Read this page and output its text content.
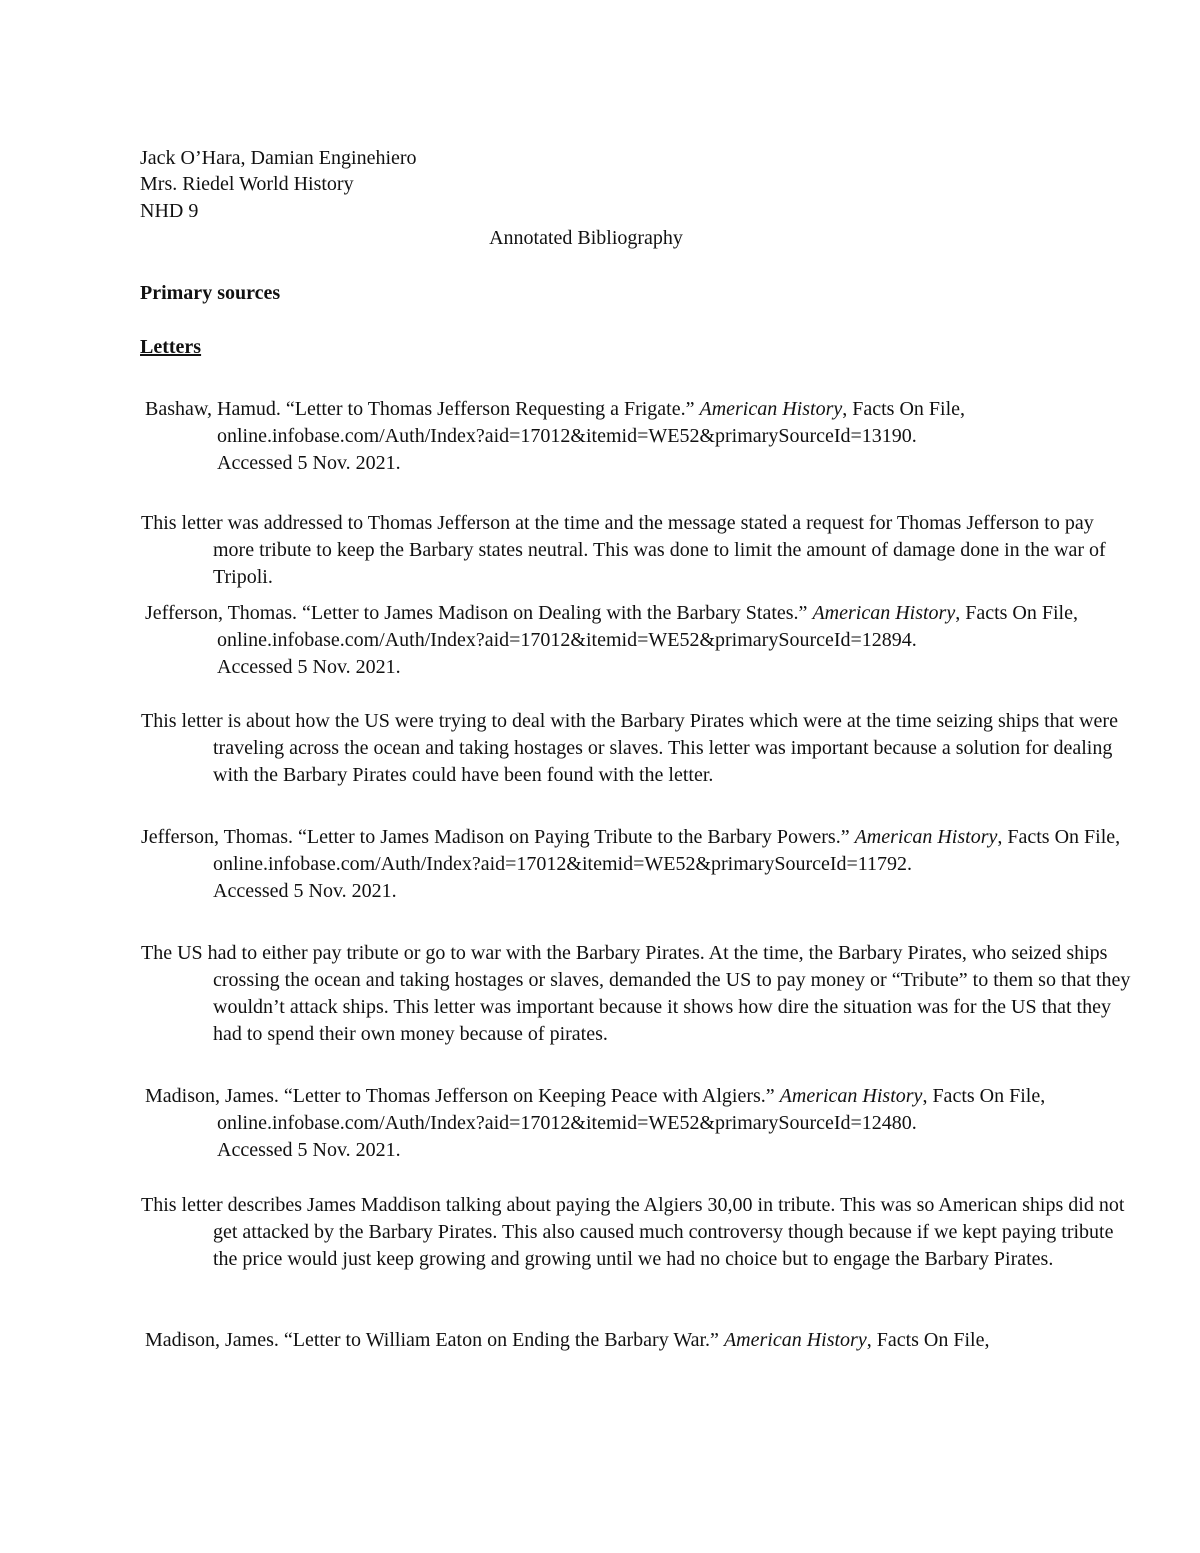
Jack O’Hara, Damian Enginehiero
Mrs. Riedel World History
NHD 9
Annotated Bibliography
Primary sources
Letters
Bashaw, Hamud. “Letter to Thomas Jefferson Requesting a Frigate.” American History, Facts On File,
online.infobase.com/Auth/Index?aid=17012&itemid=WE52&primarySourceId=13190.
Accessed 5 Nov. 2021.
This letter was addressed to Thomas Jefferson at the time and the message stated a request for Thomas Jefferson to pay more tribute to keep the Barbary states neutral. This was done to limit the amount of damage done in the war of Tripoli.
Jefferson, Thomas. “Letter to James Madison on Dealing with the Barbary States.” American History, Facts On File,
online.infobase.com/Auth/Index?aid=17012&itemid=WE52&primarySourceId=12894.
Accessed 5 Nov. 2021.
This letter is about how the US were trying to deal with the Barbary Pirates which were at the time seizing ships that were traveling across the ocean and taking hostages or slaves. This letter was important because a solution for dealing with the Barbary Pirates could have been found with the letter.
Jefferson, Thomas. “Letter to James Madison on Paying Tribute to the Barbary Powers.” American History, Facts On File,
online.infobase.com/Auth/Index?aid=17012&itemid=WE52&primarySourceId=11792.
Accessed 5 Nov. 2021.
The US had to either pay tribute or go to war with the Barbary Pirates. At the time, the Barbary Pirates, who seized ships crossing the ocean and taking hostages or slaves, demanded the US to pay money or “Tribute” to them so that they wouldn’t attack ships. This letter was important because it shows how dire the situation was for the US that they had to spend their own money because of pirates.
Madison, James. “Letter to Thomas Jefferson on Keeping Peace with Algiers.” American History, Facts On File,
online.infobase.com/Auth/Index?aid=17012&itemid=WE52&primarySourceId=12480.
Accessed 5 Nov. 2021.
This letter describes James Maddison talking about paying the Algiers 30,00 in tribute. This was so American ships did not get attacked by the Barbary Pirates. This also caused much controversy though because if we kept paying tribute the price would just keep growing and growing until we had no choice but to engage the Barbary Pirates.
Madison, James. “Letter to William Eaton on Ending the Barbary War.” American History, Facts On File,
